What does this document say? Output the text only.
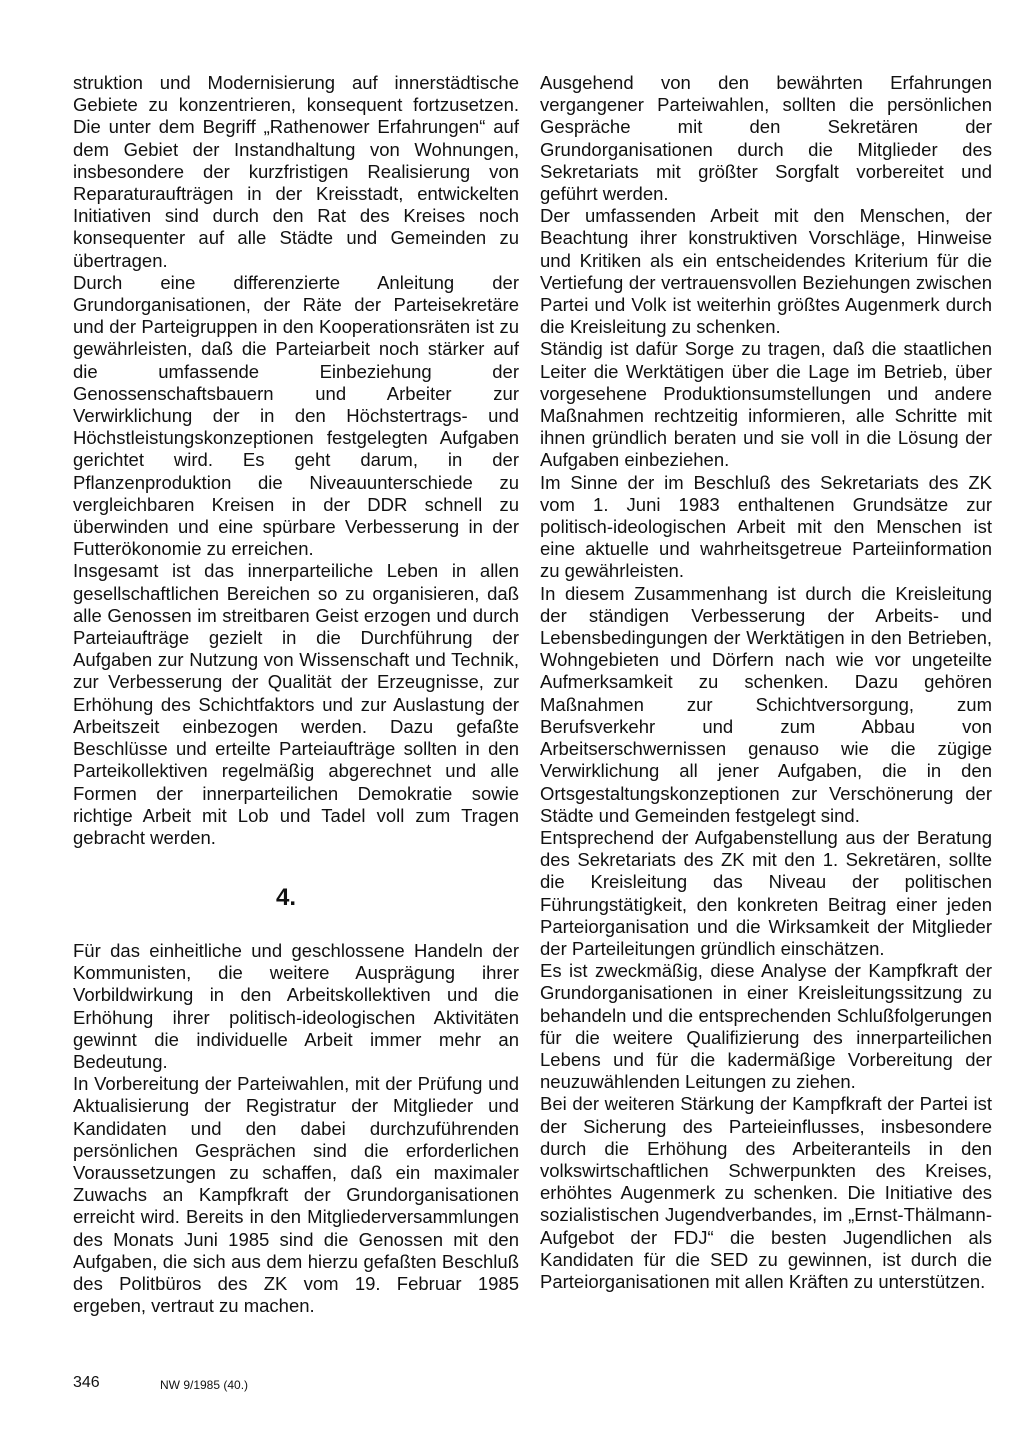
struktion und Modernisierung auf innerstädtische Gebiete zu konzentrieren, konsequent fortzusetzen. Die unter dem Begriff „Rathenower Erfahrungen“ auf dem Gebiet der Instandhaltung von Wohnungen, insbesondere der kurzfristigen Realisierung von Reparaturaufträgen in der Kreisstadt, entwickelten Initiativen sind durch den Rat des Kreises noch konsequenter auf alle Städte und Gemeinden zu übertragen.

Durch eine differenzierte Anleitung der Grundorganisationen, der Räte der Parteisekretäre und der Parteigruppen in den Kooperationsräten ist zu gewährleisten, daß die Parteiarbeit noch stärker auf die umfassende Einbeziehung der Genossenschaftsbauern und Arbeiter zur Verwirklichung der in den Höchstertrags- und Höchstleistungskonzeptionen festgelegten Aufgaben gerichtet wird. Es geht darum, in der Pflanzenproduktion die Niveauunterschiede zu vergleichbaren Kreisen in der DDR schnell zu überwinden und eine spürbare Verbesserung in der Futterökonomie zu erreichen.

Insgesamt ist das innerparteiliche Leben in allen gesellschaftlichen Bereichen so zu organisieren, daß alle Genossen im streitbaren Geist erzogen und durch Parteiaufträge gezielt in die Durchführung der Aufgaben zur Nutzung von Wissenschaft und Technik, zur Verbesserung der Qualität der Erzeugnisse, zur Erhöhung des Schichtfaktors und zur Auslastung der Arbeitszeit einbezogen werden. Dazu gefaßte Beschlüsse und erteilte Parteiaufträge sollten in den Parteikollektiven regelmäßig abgerechnet und alle Formen der innerparteilichen Demokratie sowie richtige Arbeit mit Lob und Tadel voll zum Tragen gebracht werden.

4.

Für das einheitliche und geschlossene Handeln der Kommunisten, die weitere Ausprägung ihrer Vorbildwirkung in den Arbeitskollektiven und die Erhöhung ihrer politisch-ideologischen Aktivitäten gewinnt die individuelle Arbeit immer mehr an Bedeutung.

In Vorbereitung der Parteiwahlen, mit der Prüfung und Aktualisierung der Registratur der Mitglieder und Kandidaten und den dabei durchzuführenden persönlichen Gesprächen sind die erforderlichen Voraussetzungen zu schaffen, daß ein maximaler Zuwachs an Kampfkraft der Grundorganisationen erreicht wird. Bereits in den Mitgliederversammlungen des Monats Juni 1985 sind die Genossen mit den Aufgaben, die sich aus dem hierzu gefaßten Beschluß des Politbüros des ZK vom 19. Februar 1985 ergeben, vertraut zu machen.

Ausgehend von den bewährten Erfahrungen vergangener Parteiwahlen, sollten die persönlichen Gespräche mit den Sekretären der Grundorganisationen durch die Mitglieder des Sekretariats mit größter Sorgfalt vorbereitet und geführt werden.

Der umfassenden Arbeit mit den Menschen, der Beachtung ihrer konstruktiven Vorschläge, Hinweise und Kritiken als ein entscheidendes Kriterium für die Vertiefung der vertrauensvollen Beziehungen zwischen Partei und Volk ist weiterhin größtes Augenmerk durch die Kreisleitung zu schenken.

Ständig ist dafür Sorge zu tragen, daß die staatlichen Leiter die Werktätigen über die Lage im Betrieb, über vorgesehene Produktionsumstellungen und andere Maßnahmen rechtzeitig informieren, alle Schritte mit ihnen gründlich beraten und sie voll in die Lösung der Aufgaben einbeziehen.

Im Sinne der im Beschluß des Sekretariats des ZK vom 1. Juni 1983 enthaltenen Grundsätze zur politisch-ideologischen Arbeit mit den Menschen ist eine aktuelle und wahrheitsgetreue Parteiinformation zu gewährleisten.

In diesem Zusammenhang ist durch die Kreisleitung der ständigen Verbesserung der Arbeits- und Lebensbedingungen der Werktätigen in den Betrieben, Wohngebieten und Dörfern nach wie vor ungeteilte Aufmerksamkeit zu schenken. Dazu gehören Maßnahmen zur Schichtversorgung, zum Berufsverkehr und zum Abbau von Arbeitserschwernissen genauso wie die zügige Verwirklichung all jener Aufgaben, die in den Ortsgestaltungskonzeptionen zur Verschönerung der Städte und Gemeinden festgelegt sind.

Entsprechend der Aufgabenstellung aus der Beratung des Sekretariats des ZK mit den 1. Sekretären, sollte die Kreisleitung das Niveau der politischen Führungstätigkeit, den konkreten Beitrag einer jeden Parteiorganisation und die Wirksamkeit der Mitglieder der Parteileitungen gründlich einschätzen.

Es ist zweckmäßig, diese Analyse der Kampfkraft der Grundorganisationen in einer Kreisleitungssitzung zu behandeln und die entsprechenden Schlußfolgerungen für die weitere Qualifizierung des innerparteilichen Lebens und für die kadermäßige Vorbereitung der neuzuwählenden Leitungen zu ziehen.

Bei der weiteren Stärkung der Kampfkraft der Partei ist der Sicherung des Parteieinflusses, insbesondere durch die Erhöhung des Arbeiteranteils in den volkswirtschaftlichen Schwerpunkten des Kreises, erhöhtes Augenmerk zu schenken. Die Initiative des sozialistischen Jugendverbandes, im „Ernst-Thälmann-Aufgebot der FDJ“ die besten Jugendlichen als Kandidaten für die SED zu gewinnen, ist durch die Parteiorganisationen mit allen Kräften zu unterstützen.

346	NW 9/1985 (40.)
